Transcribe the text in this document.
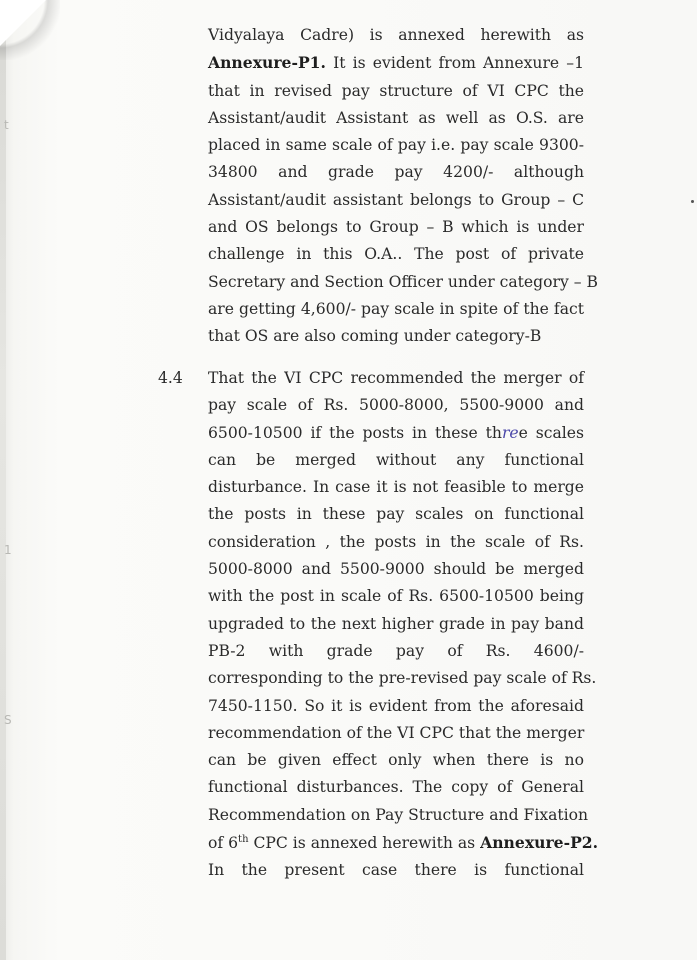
t
1
S
Vidyalaya Cadre) is annexed herewith as
Annexure-P1. It is evident from Annexure –1
that in revised pay structure of VI CPC the
Assistant/audit Assistant as well as O.S. are
placed in same scale of pay i.e. pay scale 9300-
34800 and grade pay 4200/- although
Assistant/audit assistant belongs to Group – C
and OS belongs to Group – B which is under
challenge in this O.A.. The post of private
Secretary and Section Officer under category – B
are getting 4,600/- pay scale in spite of the fact
that OS are also coming under category-B
4.4 That the VI CPC recommended the merger of
pay scale of Rs. 5000-8000, 5500-9000 and
6500-10500 if the posts in these three scales
can be merged without any functional
disturbance. In case it is not feasible to merge
the posts in these pay scales on functional
consideration , the posts in the scale of Rs.
5000-8000 and 5500-9000 should be merged
with the post in scale of Rs. 6500-10500 being
upgraded to the next higher grade in pay band
PB-2 with grade pay of Rs. 4600/-
corresponding to the pre-revised pay scale of Rs.
7450-1150. So it is evident from the aforesaid
recommendation of the VI CPC that the merger
can be given effect only when there is no
functional disturbances. The copy of General
Recommendation on Pay Structure and Fixation
of 6th CPC is annexed herewith as Annexure-P2.
In the present case there is functional
